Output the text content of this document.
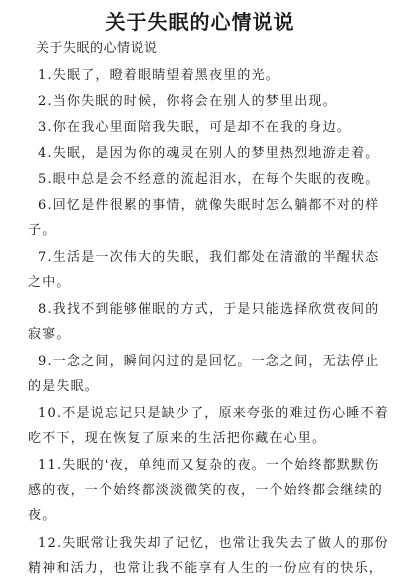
关于失眠的心情说说
关于失眠的心情说说
1.失眠了，瞪着眼睛望着黑夜里的光。
2.当你失眠的时候，你将会在别人的梦里出现。
3.你在我心里面陪我失眠，可是却不在我的身边。
4.失眠，是因为你的魂灵在别人的梦里热烈地游走着。
5.眼中总是会不经意的流起泪水，在每个失眠的夜晚。
6.回忆是件很累的事情，就像失眠时怎么躺都不对的样
子。
7.生活是一次伟大的失眠，我们都处在清澈的半醒状态
之中。
8.我找不到能够催眠的方式，于是只能选择欣赏夜间的
寂寥。
9.一念之间，瞬间闪过的是回忆。一念之间，无法停止
的是失眠。
10.不是说忘记只是缺少了，原来夸张的难过伤心睡不着
吃不下，现在恢复了原来的生活把你藏在心里。
11.失眠的'夜，单纯而又复杂的夜。一个始终都默默伤
感的夜，一个始终都淡淡微笑的夜，一个始终都会继续的
夜。
12.失眠常让我失却了记忆，也常让我失去了做人的那份
精神和活力，也常让我不能享有人生的一份应有的快乐，
